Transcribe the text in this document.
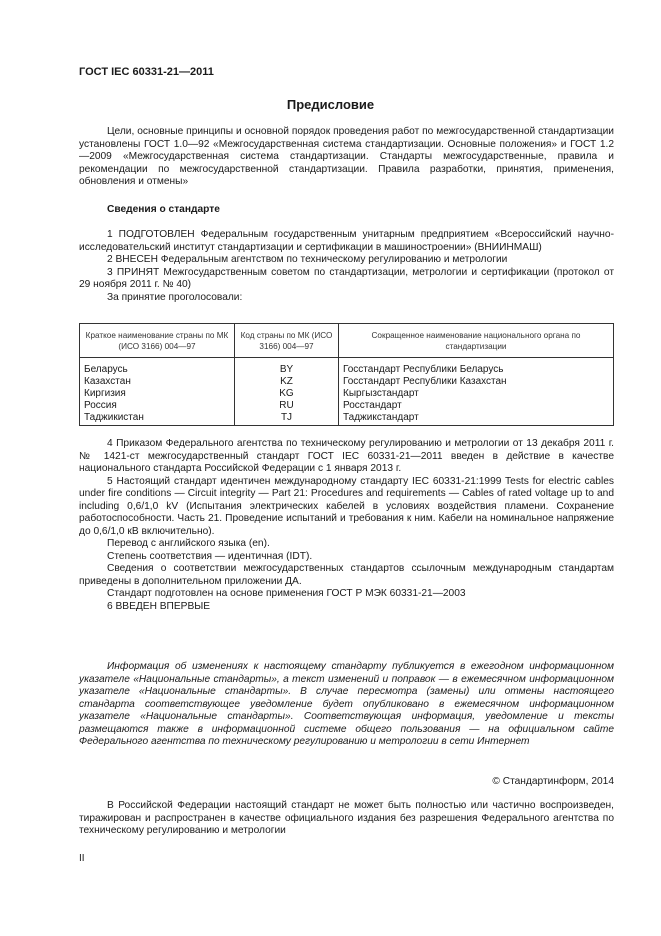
ГОСТ IEC 60331-21—2011
Предисловие

Цели, основные принципы и основной порядок проведения работ по межгосударственной стандартизации установлены ГОСТ 1.0—92 «Межгосударственная система стандартизации. Основные положения» и ГОСТ 1.2—2009 «Межгосударственная система стандартизации. Стандарты межгосударственные, правила и рекомендации по межгосударственной стандартизации. Правила разработки, принятия, применения, обновления и отмены»

Сведения о стандарте

1 ПОДГОТОВЛЕН Федеральным государственным унитарным предприятием «Всероссийский научно-исследовательский институт стандартизации и сертификации в машиностроении» (ВНИИНМАШ)

2 ВНЕСЕН Федеральным агентством по техническому регулированию и метрологии

3 ПРИНЯТ Межгосударственным советом по стандартизации, метрологии и сертификации (протокол от 29 ноября 2011 г. № 40)

За принятие проголосовали:

Краткое наименование страны по МК (ИСО 3166) 004—97	Код страны по МК (ИСО 3166) 004—97	Сокращенное наименование национального органа по стандартизации
Беларусь	BY	Госстандарт Республики Беларусь
Казахстан	KZ	Госстандарт Республики Казахстан
Киргизия	KG	Кыргызстандарт
Россия	RU	Росстандарт
Таджикистан	TJ	Таджикстандарт

4 Приказом Федерального агентства по техническому регулированию и метрологии от 13 декабря 2011 г. № 1421-ст межгосударственный стандарт ГОСТ IEC 60331-21—2011 введен в действие в качестве национального стандарта Российской Федерации с 1 января 2013 г.

5 Настоящий стандарт идентичен международному стандарту IEC 60331-21:1999 Tests for electric cables under fire conditions — Circuit integrity — Part 21: Procedures and requirements — Cables of rated voltage up to and including 0,6/1,0 kV (Испытания электрических кабелей в условиях воздействия пламени. Сохранение работоспособности. Часть 21. Проведение испытаний и требования к ним. Кабели на номинальное напряжение до 0,6/1,0 кВ включительно).

Перевод с английского языка (en).

Степень соответствия — идентичная (IDT).

Сведения о соответствии межгосударственных стандартов ссылочным международным стандартам приведены в дополнительном приложении ДА.

Стандарт подготовлен на основе применения ГОСТ Р МЭК 60331-21—2003

6 ВВЕДЕН ВПЕРВЫЕ

Информация об изменениях к настоящему стандарту публикуется в ежегодном информационном указателе «Национальные стандарты», а текст изменений и поправок — в ежемесячном информационном указателе «Национальные стандарты». В случае пересмотра (замены) или отмены настоящего стандарта соответствующее уведомление будет опубликовано в ежемесячном информационном указателе «Национальные стандарты». Соответствующая информация, уведомление и тексты размещаются также в информационной системе общего пользования — на официальном сайте Федерального агентства по техническому регулированию и метрологии в сети Интернет

© Стандартинформ, 2014

В Российской Федерации настоящий стандарт не может быть полностью или частично воспроизведен, тиражирован и распространен в качестве официального издания без разрешения Федерального агентства по техническому регулированию и метрологии

II
